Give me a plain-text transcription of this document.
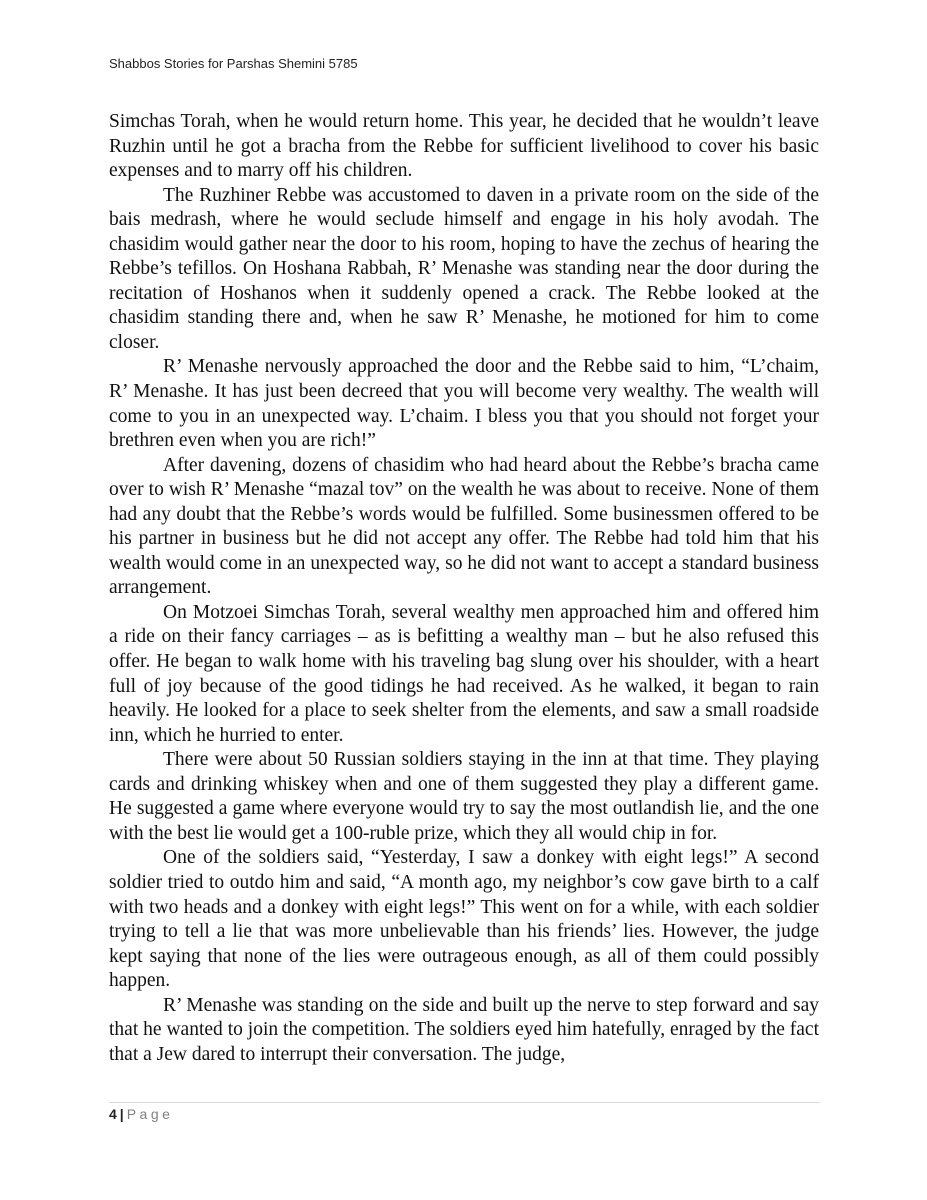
Shabbos Stories for Parshas Shemini 5785

Simchas Torah, when he would return home. This year, he decided that he wouldn’t leave Ruzhin until he got a bracha from the Rebbe for sufficient livelihood to cover his basic expenses and to marry off his children.

The Ruzhiner Rebbe was accustomed to daven in a private room on the side of the bais medrash, where he would seclude himself and engage in his holy avodah. The chasidim would gather near the door to his room, hoping to have the zechus of hearing the Rebbe’s tefillos. On Hoshana Rabbah, R’ Menashe was standing near the door during the recitation of Hoshanos when it suddenly opened a crack. The Rebbe looked at the chasidim standing there and, when he saw R’ Menashe, he motioned for him to come closer.

R’ Menashe nervously approached the door and the Rebbe said to him, “L’chaim, R’ Menashe. It has just been decreed that you will become very wealthy. The wealth will come to you in an unexpected way. L’chaim. I bless you that you should not forget your brethren even when you are rich!”

After davening, dozens of chasidim who had heard about the Rebbe’s bracha came over to wish R’ Menashe “mazal tov” on the wealth he was about to receive. None of them had any doubt that the Rebbe’s words would be fulfilled. Some businessmen offered to be his partner in business but he did not accept any offer. The Rebbe had told him that his wealth would come in an unexpected way, so he did not want to accept a standard business arrangement.

On Motzoei Simchas Torah, several wealthy men approached him and offered him a ride on their fancy carriages – as is befitting a wealthy man – but he also refused this offer. He began to walk home with his traveling bag slung over his shoulder, with a heart full of joy because of the good tidings he had received. As he walked, it began to rain heavily. He looked for a place to seek shelter from the elements, and saw a small roadside inn, which he hurried to enter.

There were about 50 Russian soldiers staying in the inn at that time. They playing cards and drinking whiskey when and one of them suggested they play a different game. He suggested a game where everyone would try to say the most outlandish lie, and the one with the best lie would get a 100-ruble prize, which they all would chip in for.

One of the soldiers said, “Yesterday, I saw a donkey with eight legs!” A second soldier tried to outdo him and said, “A month ago, my neighbor’s cow gave birth to a calf with two heads and a donkey with eight legs!” This went on for a while, with each soldier trying to tell a lie that was more unbelievable than his friends’ lies. However, the judge kept saying that none of the lies were outrageous enough, as all of them could possibly happen.

R’ Menashe was standing on the side and built up the nerve to step forward and say that he wanted to join the competition. The soldiers eyed him hatefully, enraged by the fact that a Jew dared to interrupt their conversation. The judge,

4 | Page
